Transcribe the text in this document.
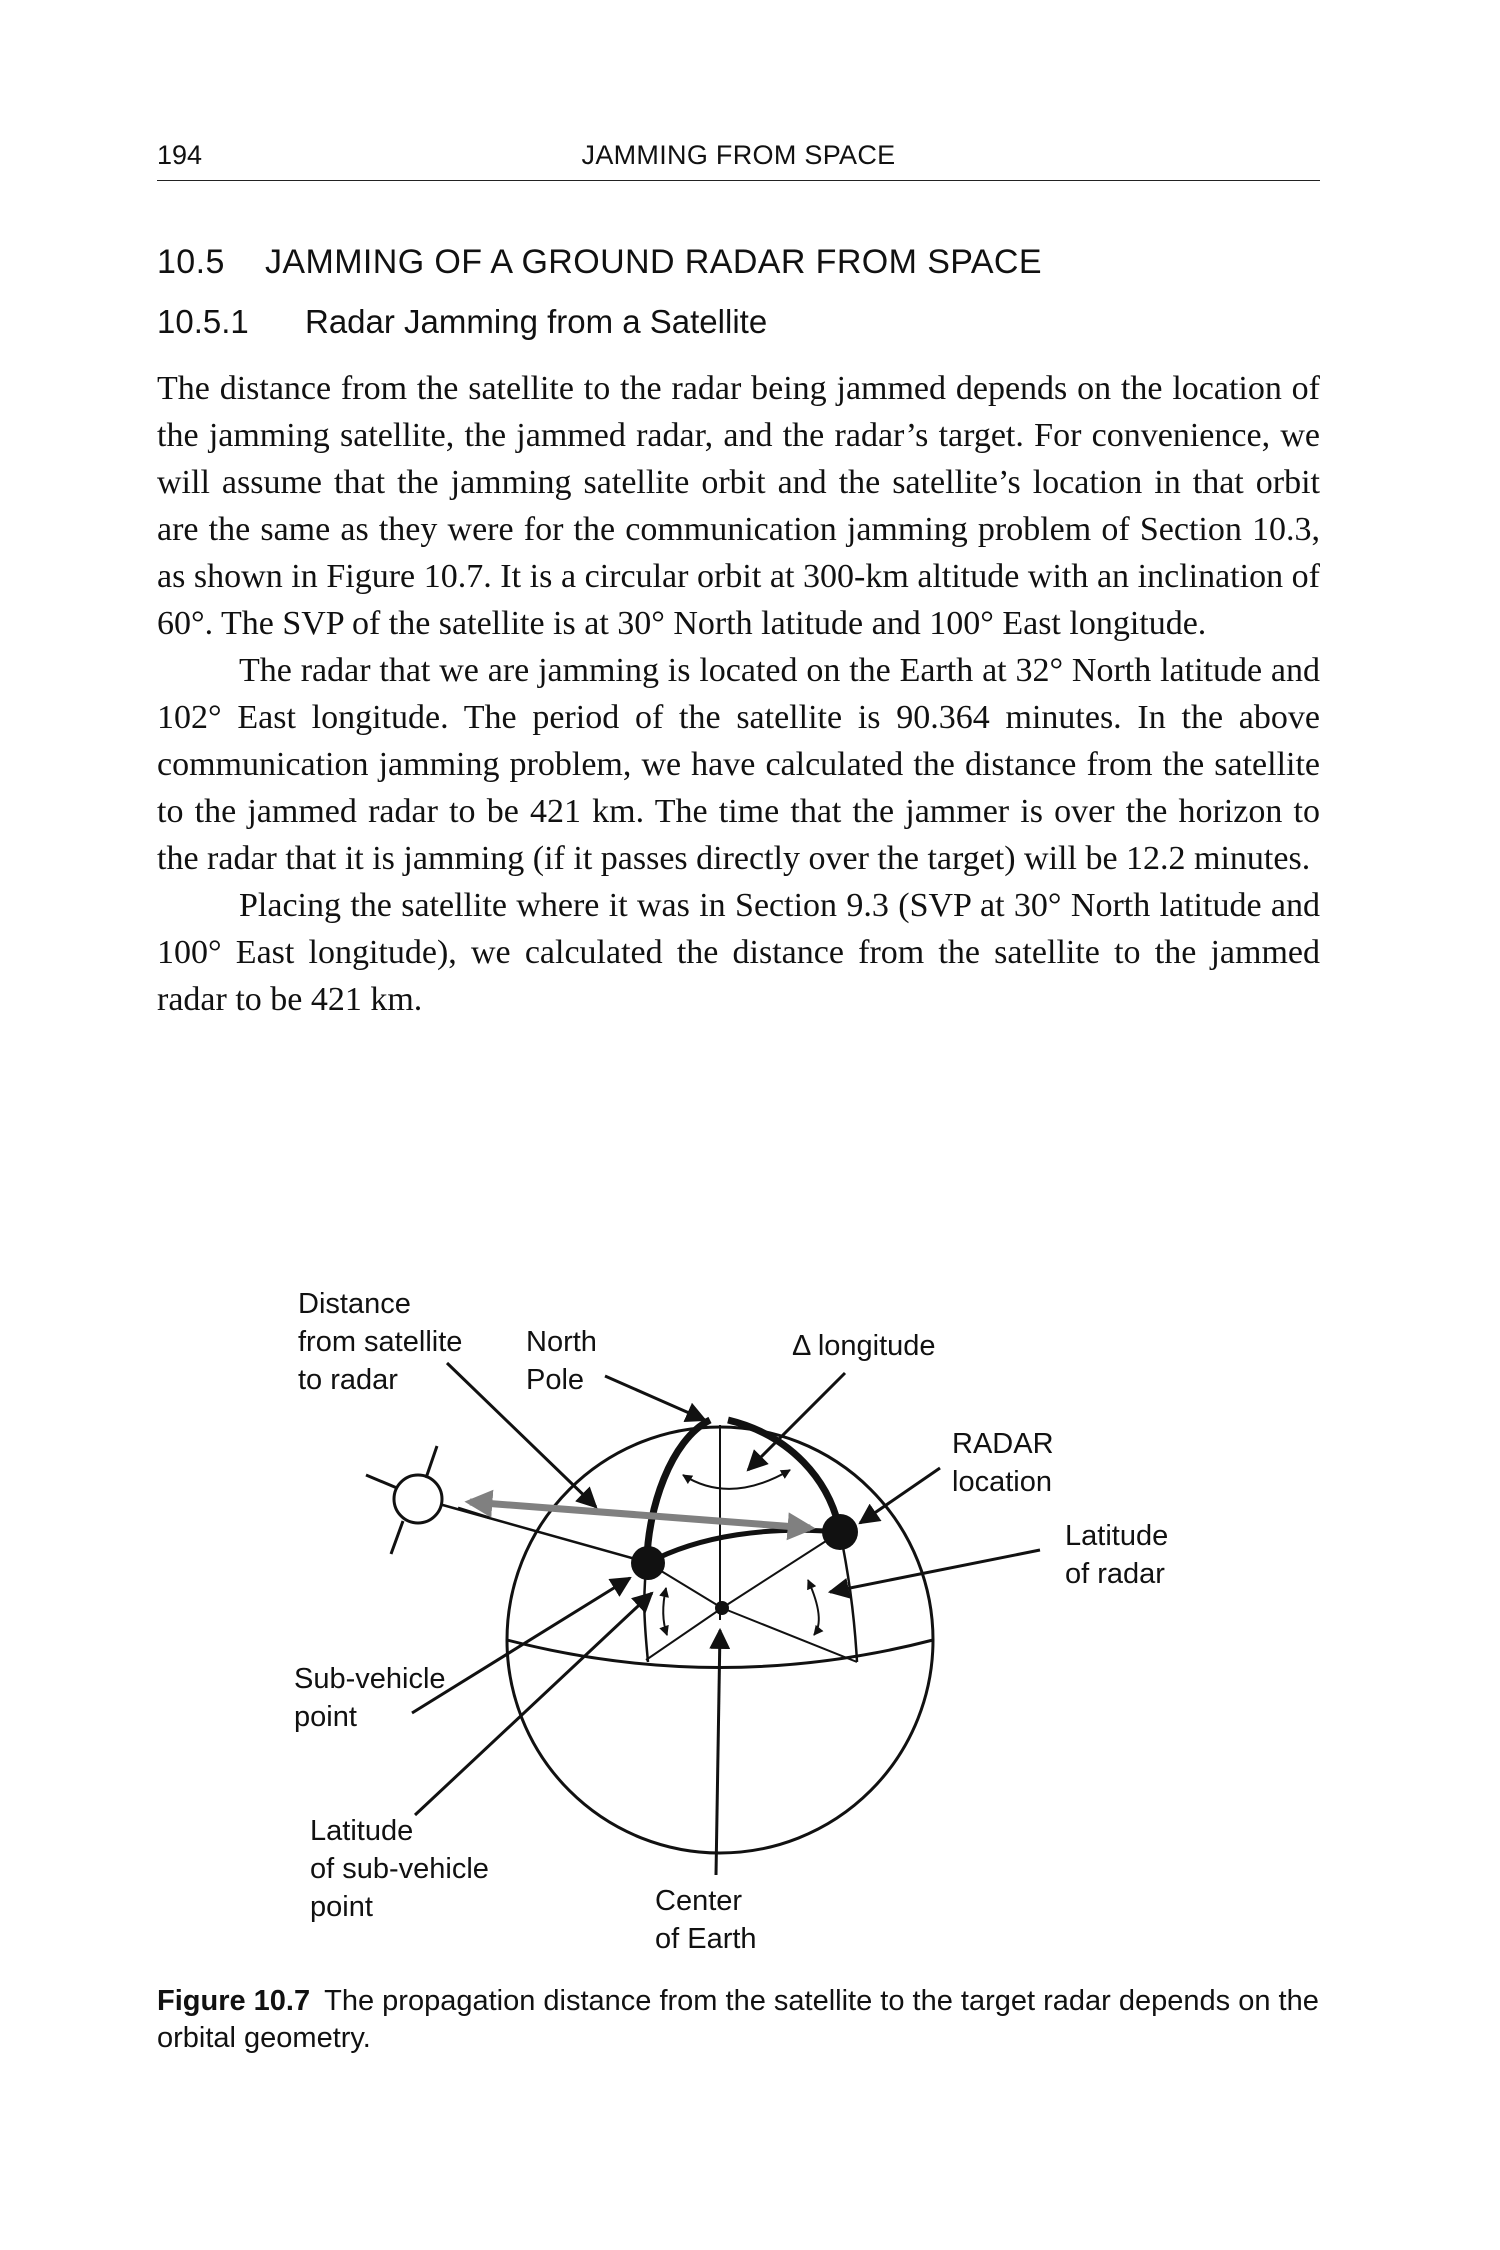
194	JAMMING FROM SPACE
10.5 JAMMING OF A GROUND RADAR FROM SPACE
10.5.1 Radar Jamming from a Satellite

The distance from the satellite to the radar being jammed depends on the location of the jamming satellite, the jammed radar, and the radar’s target. For convenience, we will assume that the jamming satellite orbit and the satellite’s location in that orbit are the same as they were for the communication jamming problem of Section 10.3, as shown in Figure 10.7. It is a circular orbit at 300-km altitude with an inclination of 60°. The SVP of the satellite is at 30° North latitude and 100° East longitude.

The radar that we are jamming is located on the Earth at 32° North latitude and 102° East longitude. The period of the satellite is 90.364 minutes. In the above communication jamming problem, we have calculated the distance from the satellite to the jammed radar to be 421 km. The time that the jammer is over the horizon to the radar that it is jamming (if it passes directly over the target) will be 12.2 minutes.

Placing the satellite where it was in Section 9.3 (SVP at 30° North latitude and 100° East longitude), we calculated the distance from the satellite to the jammed radar to be 421 km.

Distance
from satellite
to radar
North
Pole
Δ longitude
RADAR
location
Latitude
of radar
Sub-vehicle
point
Latitude
of sub-vehicle
point	Center
of Earth
Figure 10.7 The propagation distance from the satellite to the target radar depends on the orbital geometry.
